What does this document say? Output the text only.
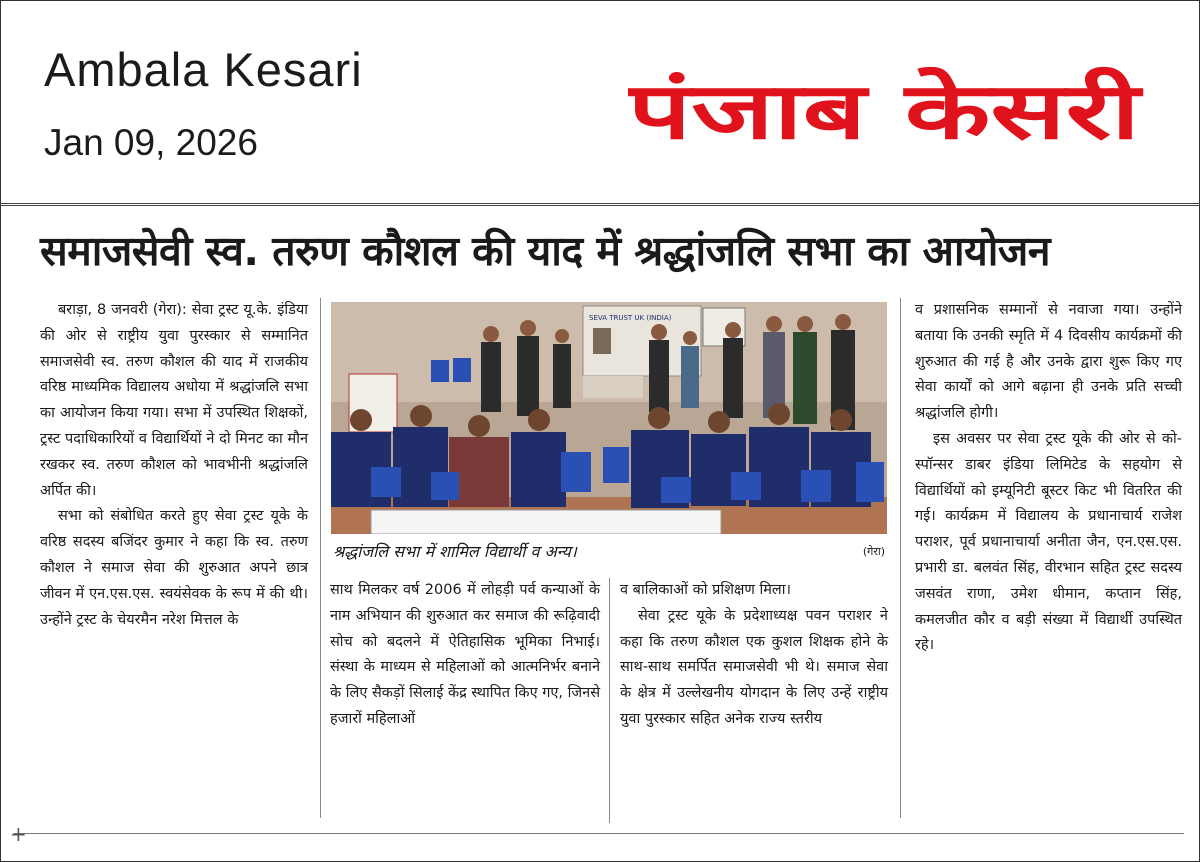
Ambala Kesari
Jan 09, 2026	पंजाब केसरी
समाजसेवी स्व. तरुण कौशल की याद में श्रद्धांजलि सभा का आयोजन

बराड़ा, 8 जनवरी (गेरा): सेवा ट्रस्ट यू.के. इंडिया की ओर से राष्ट्रीय युवा पुरस्कार से सम्मानित समाजसेवी स्व. तरुण कौशल की याद में राजकीय वरिष्ठ माध्यमिक विद्यालय अधोया में श्रद्धांजलि सभा का आयोजन किया गया। सभा में उपस्थित शिक्षकों, ट्रस्ट पदाधिकारियों व विद्यार्थियों ने दो मिनट का मौन रखकर स्व. तरुण कौशल को भावभीनी श्रद्धांजलि अर्पित की।

सभा को संबोधित करते हुए सेवा ट्रस्ट यूके के वरिष्ठ सदस्य बजिंदर कुमार ने कहा कि स्व. तरुण कौशल ने समाज सेवा की शुरुआत अपने छात्र जीवन में एन.एस.एस. स्वयंसेवक के रूप में की थी। उन्होंने ट्रस्ट के चेयरमैन नरेश मित्तल के

SEVA TRUST UK (INDIA)
श्रद्धांजलि सभा में शामिल विद्यार्थी व अन्य।	(गेरा)

साथ मिलकर वर्ष 2006 में लोहड़ी पर्व कन्याओं के नाम अभियान की शुरुआत कर समाज की रूढ़िवादी सोच को बदलने में ऐतिहासिक भूमिका निभाई। संस्था के माध्यम से महिलाओं को आत्मनिर्भर बनाने के लिए सैकड़ों सिलाई केंद्र स्थापित किए गए, जिनसे हजारों महिलाओं

व बालिकाओं को प्रशिक्षण मिला।

सेवा ट्रस्ट यूके के प्रदेशाध्यक्ष पवन पराशर ने कहा कि तरुण कौशल एक कुशल शिक्षक होने के साथ-साथ समर्पित समाजसेवी भी थे। समाज सेवा के क्षेत्र में उल्लेखनीय योगदान के लिए उन्हें राष्ट्रीय युवा पुरस्कार सहित अनेक राज्य स्तरीय

व प्रशासनिक सम्मानों से नवाजा गया। उन्होंने बताया कि उनकी स्मृति में 4 दिवसीय कार्यक्रमों की शुरुआत की गई है और उनके द्वारा शुरू किए गए सेवा कार्यों को आगे बढ़ाना ही उनके प्रति सच्ची श्रद्धांजलि होगी।

इस अवसर पर सेवा ट्रस्ट यूके की ओर से को-स्पॉन्सर डाबर इंडिया लिमिटेड के सहयोग से विद्यार्थियों को इम्यूनिटी बूस्टर किट भी वितरित की गई। कार्यक्रम में विद्यालय के प्रधानाचार्य राजेश पराशर, पूर्व प्रधानाचार्या अनीता जैन, एन.एस.एस. प्रभारी डा. बलवंत सिंह, वीरभान सहित ट्रस्ट सदस्य जसवंत राणा, उमेश धीमान, कप्तान सिंह, कमलजीत कौर व बड़ी संख्या में विद्यार्थी उपस्थित रहे।

+
